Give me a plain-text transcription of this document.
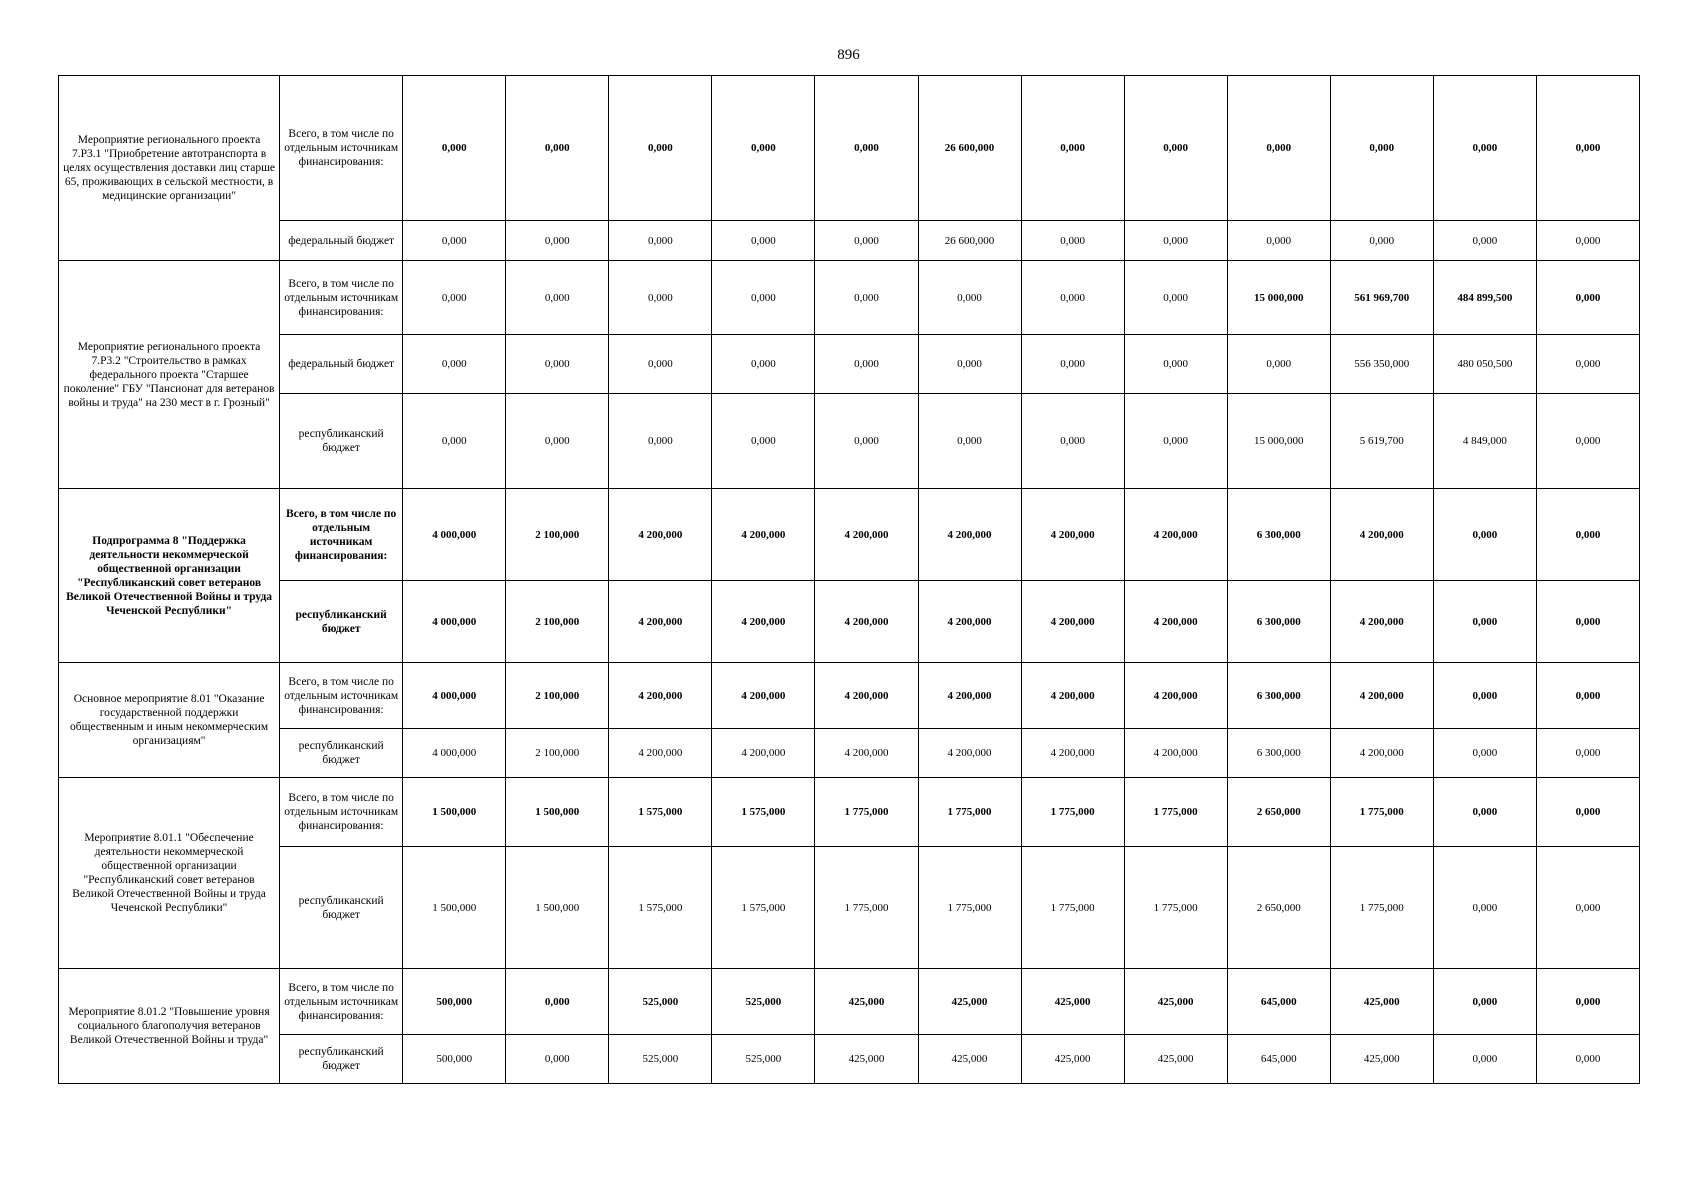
896
Мероприятие регионального проекта 7.P3.1 "Приобретение автотранспорта в целях осуществления доставки лиц старше 65, проживающих в сельской местности, в медицинские организации"	Всего, в том числе по отдельным источникам финансирования:	0,000	0,000	0,000	0,000	0,000	26 600,000	0,000	0,000	0,000	0,000	0,000	0,000
	федеральный бюджет	0,000	0,000	0,000	0,000	0,000	26 600,000	0,000	0,000	0,000	0,000	0,000	0,000
Мероприятие регионального проекта 7.P3.2 "Строительство в рамках федерального проекта "Старшее поколение" ГБУ "Пансионат для ветеранов войны и труда" на 230 мест в г. Грозный"	Всего, в том числе по отдельным источникам финансирования:	0,000	0,000	0,000	0,000	0,000	0,000	0,000	0,000	15 000,000	561 969,700	484 899,500	0,000
	федеральный бюджет	0,000	0,000	0,000	0,000	0,000	0,000	0,000	0,000	0,000	556 350,000	480 050,500	0,000
	республиканский бюджет	0,000	0,000	0,000	0,000	0,000	0,000	0,000	0,000	15 000,000	5 619,700	4 849,000	0,000
Подпрограмма 8 "Поддержка деятельности некоммерческой общественной организации "Республиканский совет ветеранов Великой Отечественной Войны и труда Чеченской Республики"	Всего, в том числе по отдельным источникам финансирования:	4 000,000	2 100,000	4 200,000	4 200,000	4 200,000	4 200,000	4 200,000	4 200,000	6 300,000	4 200,000	0,000	0,000
	республиканский бюджет	4 000,000	2 100,000	4 200,000	4 200,000	4 200,000	4 200,000	4 200,000	4 200,000	6 300,000	4 200,000	0,000	0,000
Основное мероприятие 8.01 "Оказание государственной поддержки общественным и иным некоммерческим организациям"	Всего, в том числе по отдельным источникам финансирования:	4 000,000	2 100,000	4 200,000	4 200,000	4 200,000	4 200,000	4 200,000	4 200,000	6 300,000	4 200,000	0,000	0,000
	республиканский бюджет	4 000,000	2 100,000	4 200,000	4 200,000	4 200,000	4 200,000	4 200,000	4 200,000	6 300,000	4 200,000	0,000	0,000
Мероприятие 8.01.1 "Обеспечение деятельности некоммерческой общественной организации "Республиканский совет ветеранов Великой Отечественной Войны и труда Чеченской Республики"	Всего, в том числе по отдельным источникам финансирования:	1 500,000	1 500,000	1 575,000	1 575,000	1 775,000	1 775,000	1 775,000	1 775,000	2 650,000	1 775,000	0,000	0,000
	республиканский бюджет	1 500,000	1 500,000	1 575,000	1 575,000	1 775,000	1 775,000	1 775,000	1 775,000	2 650,000	1 775,000	0,000	0,000
Мероприятие 8.01.2 "Повышение уровня социального благополучия ветеранов Великой Отечественной Войны и труда"	Всего, в том числе по отдельным источникам финансирования:	500,000	0,000	525,000	525,000	425,000	425,000	425,000	425,000	645,000	425,000	0,000	0,000
	республиканский бюджет	500,000	0,000	525,000	525,000	425,000	425,000	425,000	425,000	645,000	425,000	0,000	0,000
